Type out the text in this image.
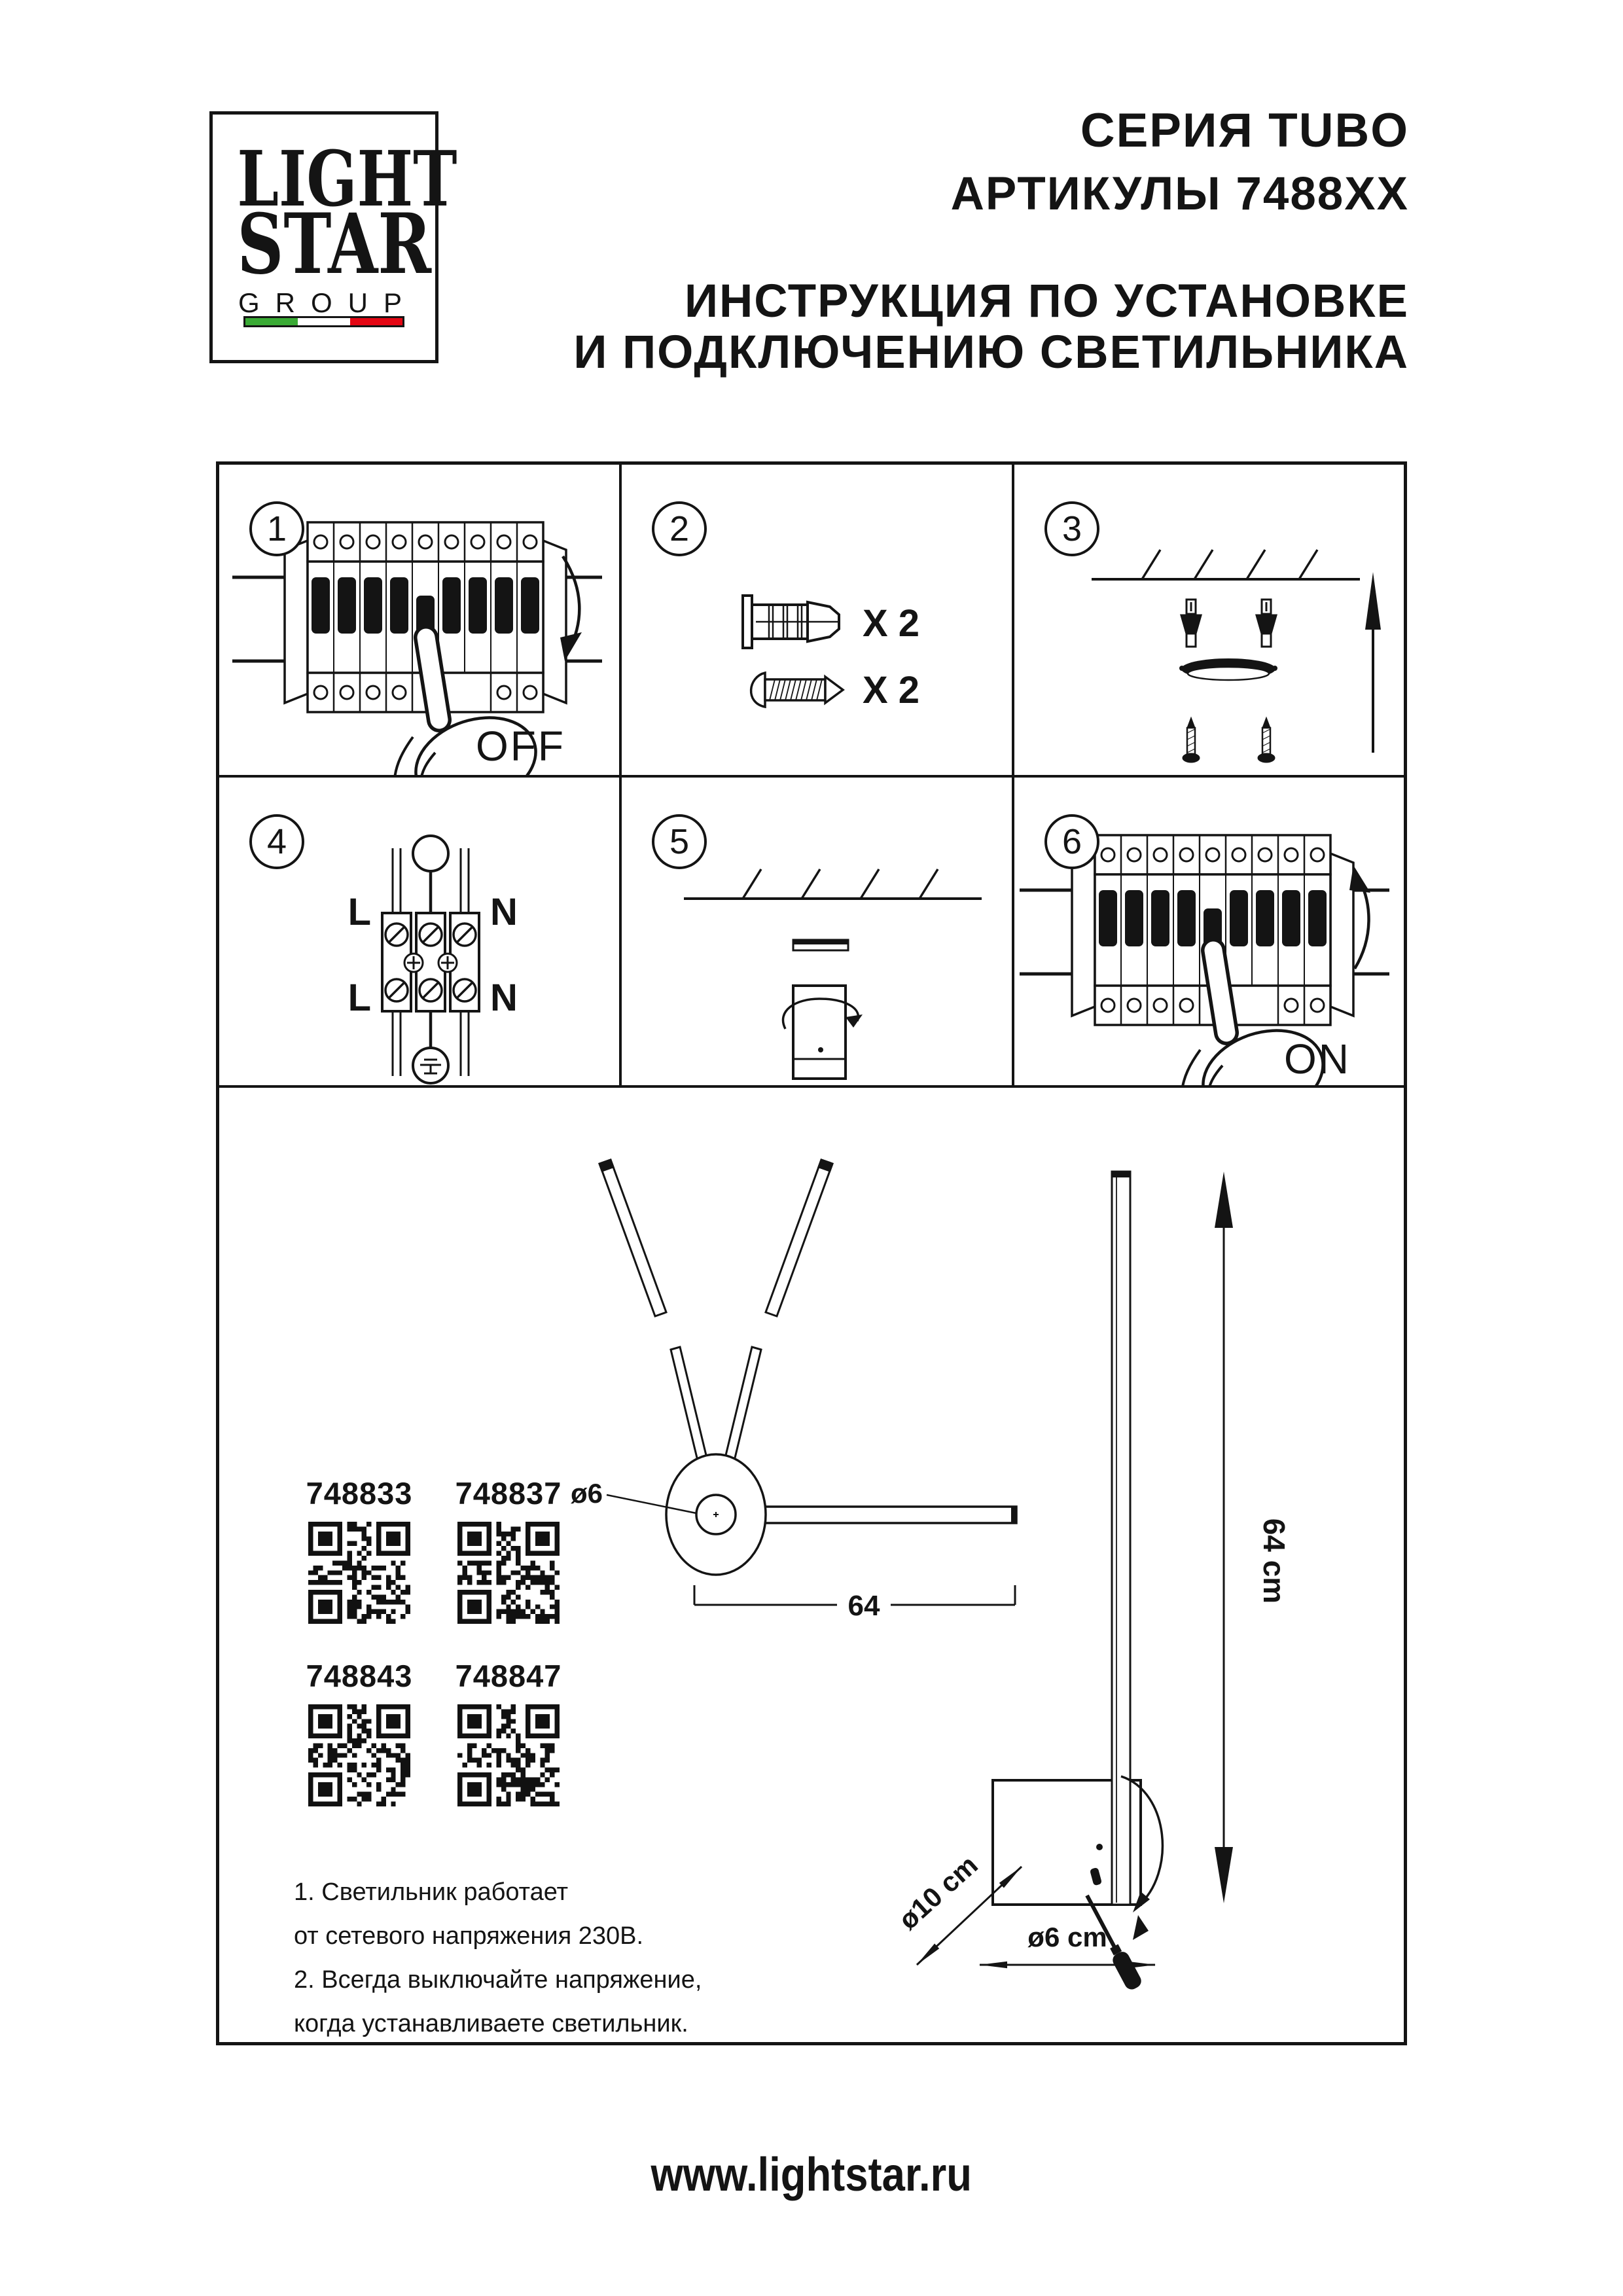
LIGHT
STAR
GROUP
СЕРИЯ TUBO
АРТИКУЛЫ 7488ХХ
ИНСТРУКЦИЯ ПО УСТАНОВКЕ
И ПОДКЛЮЧЕНИЮ СВЕТИЛЬНИКА
1
OFF
2
X 2
X 2
3
4
L	N
L	N
5	6
ON
ø6
64
64 cm
ø10 cm
ø6 cm
748833	748837
748843	748847
1. Светильник работает
от сетевого напряжения 230В.
2. Всегда выключайте напряжение,
когда устанавливаете светильник.
www.lightstar.ru
